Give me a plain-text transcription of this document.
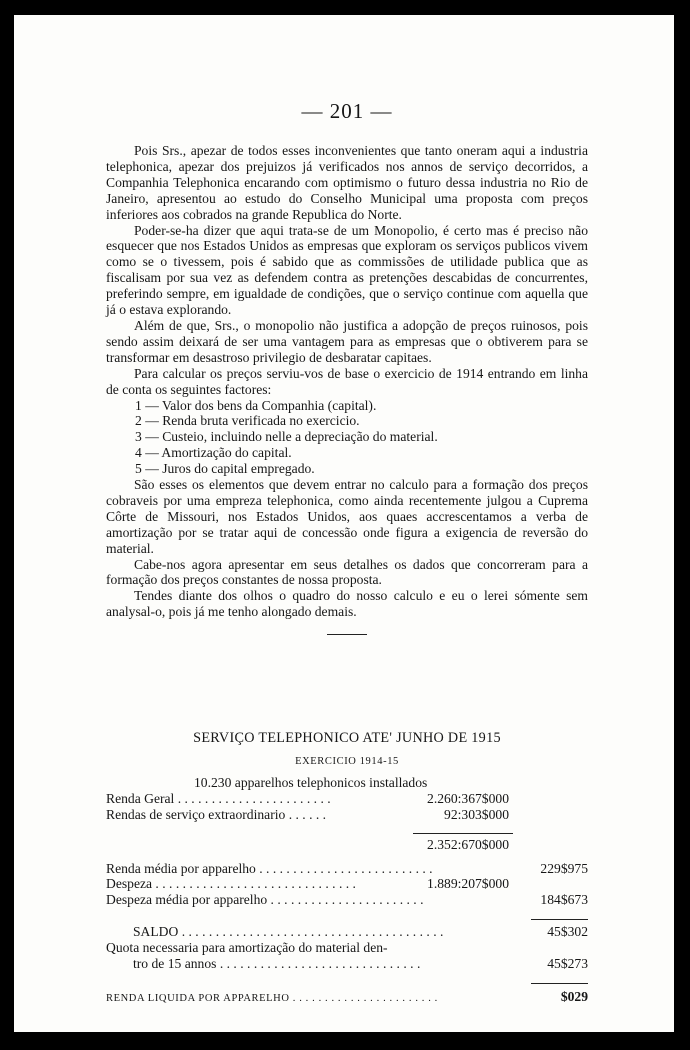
— 201 —

Pois Srs., apezar de todos esses inconvenientes que tanto oneram aqui a industria telephonica, apezar dos prejuizos já verificados nos annos de serviço decorridos, a Companhia Telephonica encarando com optimismo o futuro dessa industria no Rio de Janeiro, apresentou ao estudo do Conselho Municipal uma proposta com preços inferiores aos cobrados na grande Republica do Norte.

Poder-se-ha dizer que aqui trata-se de um Monopolio, é certo mas é preciso não esquecer que nos Estados Unidos as empresas que exploram os serviços publicos vivem como se o tivessem, pois é sabido que as commissões de utilidade publica que as fiscalisam por sua vez as defendem contra as pretenções descabidas de concurrentes, preferindo sempre, em igualdade de condições, que o serviço continue com aquella que já o estava explorando.

Além de que, Srs., o monopolio não justifica a adopção de preços ruinosos, pois sendo assim deixará de ser uma vantagem para as empresas que o obtiverem para se transformar em desastroso privilegio de desbaratar capitaes.

Para calcular os preços serviu-vos de base o exercicio de 1914 entrando em linha de conta os seguintes factores:

1 — Valor dos bens da Companhia (capital).

2 — Renda bruta verificada no exercicio.

3 — Custeio, incluindo nelle a depreciação do material.

4 — Amortização do capital.

5 — Juros do capital empregado.

São esses os elementos que devem entrar no calculo para a formação dos preços cobraveis por uma empreza telephonica, como ainda recentemente julgou a Cuprema Côrte de Missouri, nos Estados Unidos, aos quaes accrescentamos a verba de amortização por se tratar aqui de concessão onde figura a exigencia de reversão do material.

Cabe-nos agora apresentar em seus detalhes os dados que concorreram para a formação dos preços constantes de nossa proposta.

Tendes diante dos olhos o quadro do nosso calculo e eu o lerei sómente sem analysal-o, pois já me tenho alongado demais.

SERVIÇO TELEPHONICO ATE' JUNHO DE 1915
EXERCICIO 1914-15
10.230 apparelhos telephonicos installados
Renda Geral . . . . . . . . . . . . . . . . . . . . . . .	2.260:367$000
Rendas de serviço extraordinario . . . . . .	92:303$000
2.352:670$000
Renda média por apparelho . . . . . . . . . . . . . . . . . . . . . . . . . .	229$975
Despeza . . . . . . . . . . . . . . . . . . . . . . . . . . . . . .	1.889:207$000
Despeza média por apparelho . . . . . . . . . . . . . . . . . . . . . . .	184$673
SALDO . . . . . . . . . . . . . . . . . . . . . . . . . . . . . . . . . . . . . . .	45$302
Quota necessaria para amortização do material den-
tro de 15 annos . . . . . . . . . . . . . . . . . . . . . . . . . . . . . .	45$273
RENDA LIQUIDA POR APPARELHO . . . . . . . . . . . . . . . . . . . . . . .	$029
